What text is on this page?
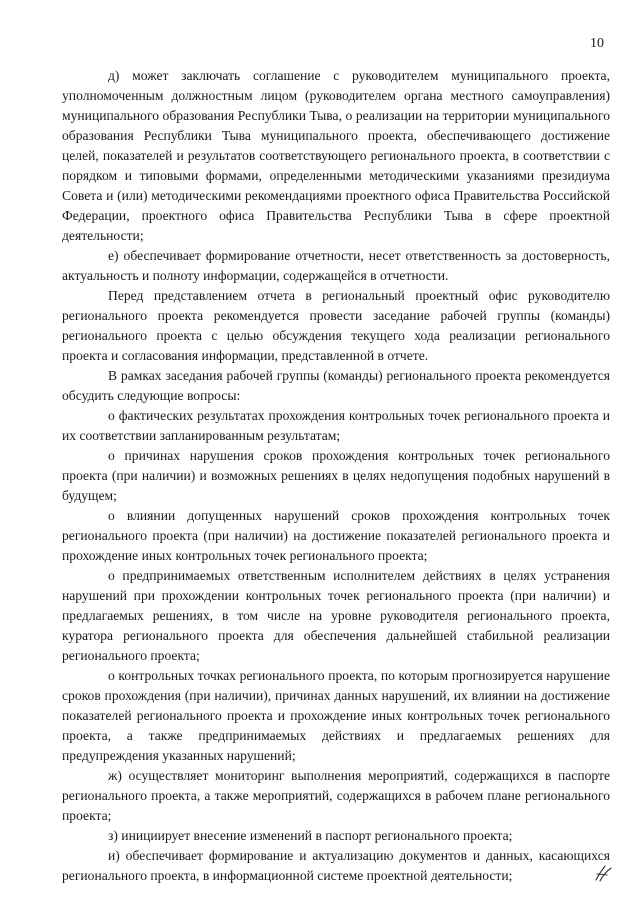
10

д) может заключать соглашение с руководителем муниципального проекта, уполномоченным должностным лицом (руководителем органа местного самоуправления) муниципального образования Республики Тыва, о реализации на территории муниципального образования Республики Тыва муниципального проекта, обеспечивающего достижение целей, показателей и результатов соответствующего регионального проекта, в соответствии с порядком и типовыми формами, определенными методическими указаниями президиума Совета и (или) методическими рекомендациями проектного офиса Правительства Российской Федерации, проектного офиса Правительства Республики Тыва в сфере проектной деятельности;

е) обеспечивает формирование отчетности, несет ответственность за достоверность, актуальность и полноту информации, содержащейся в отчетности.

Перед представлением отчета в региональный проектный офис руководителю регионального проекта рекомендуется провести заседание рабочей группы (команды) регионального проекта с целью обсуждения текущего хода реализации регионального проекта и согласования информации, представленной в отчете.

В рамках заседания рабочей группы (команды) регионального проекта рекомендуется обсудить следующие вопросы:

о фактических результатах прохождения контрольных точек регионального проекта и их соответствии запланированным результатам;

о причинах нарушения сроков прохождения контрольных точек регионального проекта (при наличии) и возможных решениях в целях недопущения подобных нарушений в будущем;

о влиянии допущенных нарушений сроков прохождения контрольных точек регионального проекта (при наличии) на достижение показателей регионального проекта и прохождение иных контрольных точек регионального проекта;

о предпринимаемых ответственным исполнителем действиях в целях устранения нарушений при прохождении контрольных точек регионального проекта (при наличии) и предлагаемых решениях, в том числе на уровне руководителя регионального проекта, куратора регионального проекта для обеспечения дальнейшей стабильной реализации регионального проекта;

о контрольных точках регионального проекта, по которым прогнозируется нарушение сроков прохождения (при наличии), причинах данных нарушений, их влиянии на достижение показателей регионального проекта и прохождение иных контрольных точек регионального проекта, а также предпринимаемых действиях и предлагаемых решениях для предупреждения указанных нарушений;

ж) осуществляет мониторинг выполнения мероприятий, содержащихся в паспорте регионального проекта, а также мероприятий, содержащихся в рабочем плане регионального проекта;

з) инициирует внесение изменений в паспорт регионального проекта;

и) обеспечивает формирование и актуализацию документов и данных, касающихся регионального проекта, в информационной системе проектной деятельности;
